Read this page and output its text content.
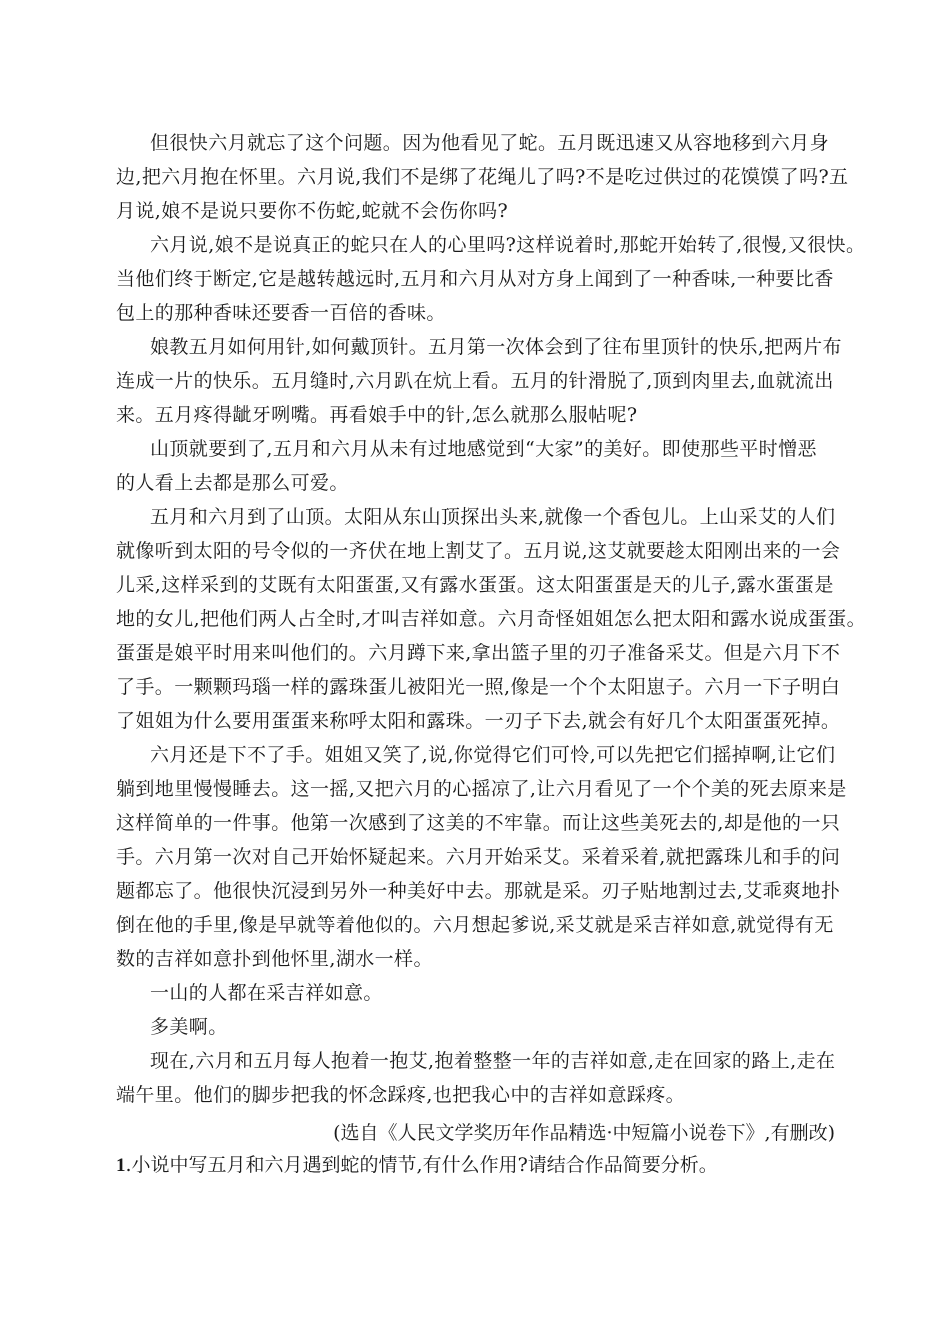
但很快六月就忘了这个问题。因为他看见了蛇。五月既迅速又从容地移到六月身
边,把六月抱在怀里。六月说,我们不是绑了花绳儿了吗?不是吃过供过的花馍馍了吗?五
月说,娘不是说只要你不伤蛇,蛇就不会伤你吗?
六月说,娘不是说真正的蛇只在人的心里吗?这样说着时,那蛇开始转了,很慢,又很快。
当他们终于断定,它是越转越远时,五月和六月从对方身上闻到了一种香味,一种要比香
包上的那种香味还要香一百倍的香味。
娘教五月如何用针,如何戴顶针。五月第一次体会到了往布里顶针的快乐,把两片布
连成一片的快乐。五月缝时,六月趴在炕上看。五月的针滑脱了,顶到肉里去,血就流出
来。五月疼得龇牙咧嘴。再看娘手中的针,怎么就那么服帖呢?
山顶就要到了,五月和六月从未有过地感觉到“大家”的美好。即使那些平时憎恶
的人看上去都是那么可爱。
五月和六月到了山顶。太阳从东山顶探出头来,就像一个香包儿。上山采艾的人们
就像听到太阳的号令似的一齐伏在地上割艾了。五月说,这艾就要趁太阳刚出来的一会
儿采,这样采到的艾既有太阳蛋蛋,又有露水蛋蛋。这太阳蛋蛋是天的儿子,露水蛋蛋是
地的女儿,把他们两人占全时,才叫吉祥如意。六月奇怪姐姐怎么把太阳和露水说成蛋蛋。
蛋蛋是娘平时用来叫他们的。六月蹲下来,拿出篮子里的刃子准备采艾。但是六月下不
了手。一颗颗玛瑙一样的露珠蛋儿被阳光一照,像是一个个太阳崽子。六月一下子明白
了姐姐为什么要用蛋蛋来称呼太阳和露珠。一刃子下去,就会有好几个太阳蛋蛋死掉。
六月还是下不了手。姐姐又笑了,说,你觉得它们可怜,可以先把它们摇掉啊,让它们
躺到地里慢慢睡去。这一摇,又把六月的心摇凉了,让六月看见了一个个美的死去原来是
这样简单的一件事。他第一次感到了这美的不牢靠。而让这些美死去的,却是他的一只
手。六月第一次对自己开始怀疑起来。六月开始采艾。采着采着,就把露珠儿和手的问
题都忘了。他很快沉浸到另外一种美好中去。那就是采。刃子贴地割过去,艾乖爽地扑
倒在他的手里,像是早就等着他似的。六月想起爹说,采艾就是采吉祥如意,就觉得有无
数的吉祥如意扑到他怀里,湖水一样。
一山的人都在采吉祥如意。
多美啊。
现在,六月和五月每人抱着一抱艾,抱着整整一年的吉祥如意,走在回家的路上,走在
端午里。他们的脚步把我的怀念踩疼,也把我心中的吉祥如意踩疼。
(选自《人民文学奖历年作品精选·中短篇小说卷下》,有删改)
1.小说中写五月和六月遇到蛇的情节,有什么作用?请结合作品简要分析。
